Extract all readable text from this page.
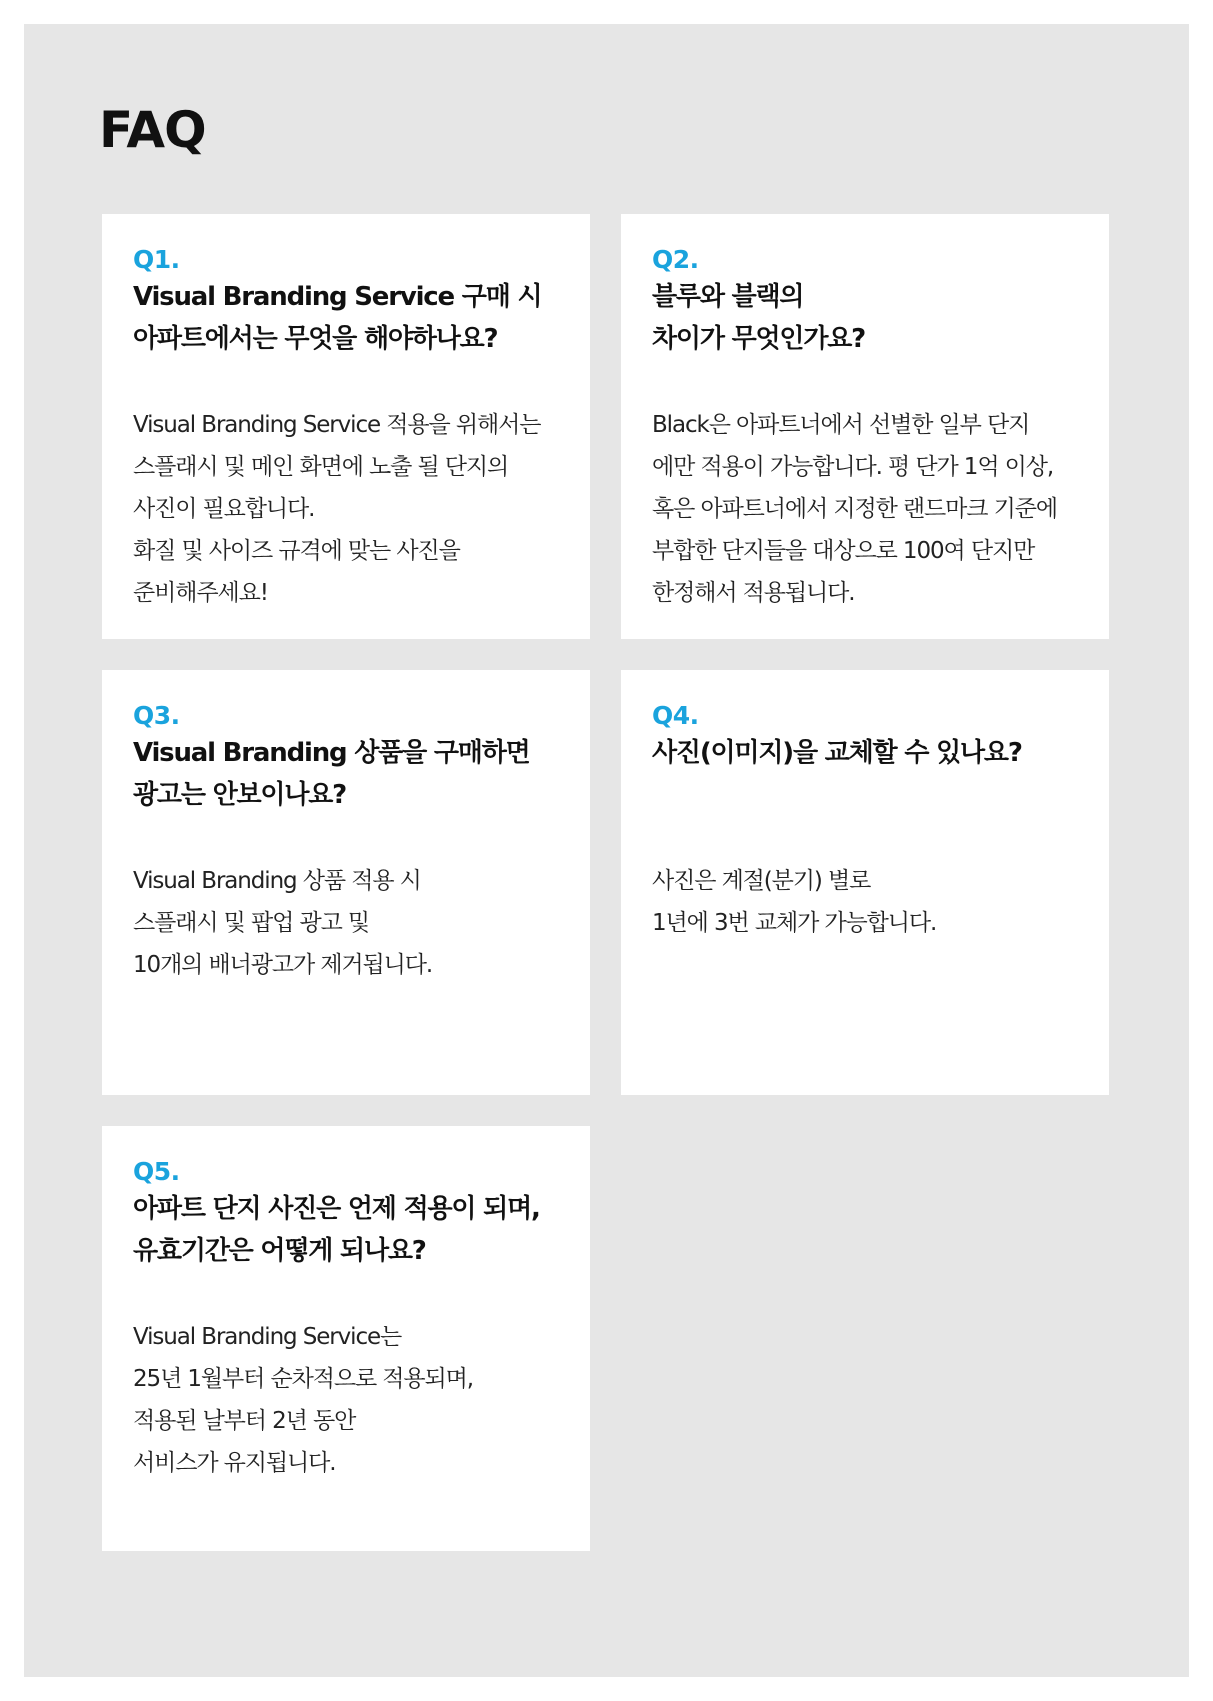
FAQ
Q1.
Visual Branding Service 구매 시
아파트에서는 무엇을 해야하나요?
Visual Branding Service 적용을 위해서는
스플래시 및 메인 화면에 노출 될 단지의
사진이 필요합니다.
화질 및 사이즈 규격에 맞는 사진을
준비해주세요!
Q2.
블루와 블랙의
차이가 무엇인가요?
Black은 아파트너에서 선별한 일부 단지
에만 적용이 가능합니다. 평 단가 1억 이상,
혹은 아파트너에서 지정한 랜드마크 기준에
부합한 단지들을 대상으로 100여 단지만
한정해서 적용됩니다.
Q3.
Visual Branding 상품을 구매하면
광고는 안보이나요?
Visual Branding 상품 적용 시
스플래시 및 팝업 광고 및
10개의 배너광고가 제거됩니다.
Q4.
사진(이미지)을 교체할 수 있나요?
사진은 계절(분기) 별로
1년에 3번 교체가 가능합니다.
Q5.
아파트 단지 사진은 언제 적용이 되며,
유효기간은 어떻게 되나요?
Visual Branding Service는
25년 1월부터 순차적으로 적용되며,
적용된 날부터 2년 동안
서비스가 유지됩니다.
